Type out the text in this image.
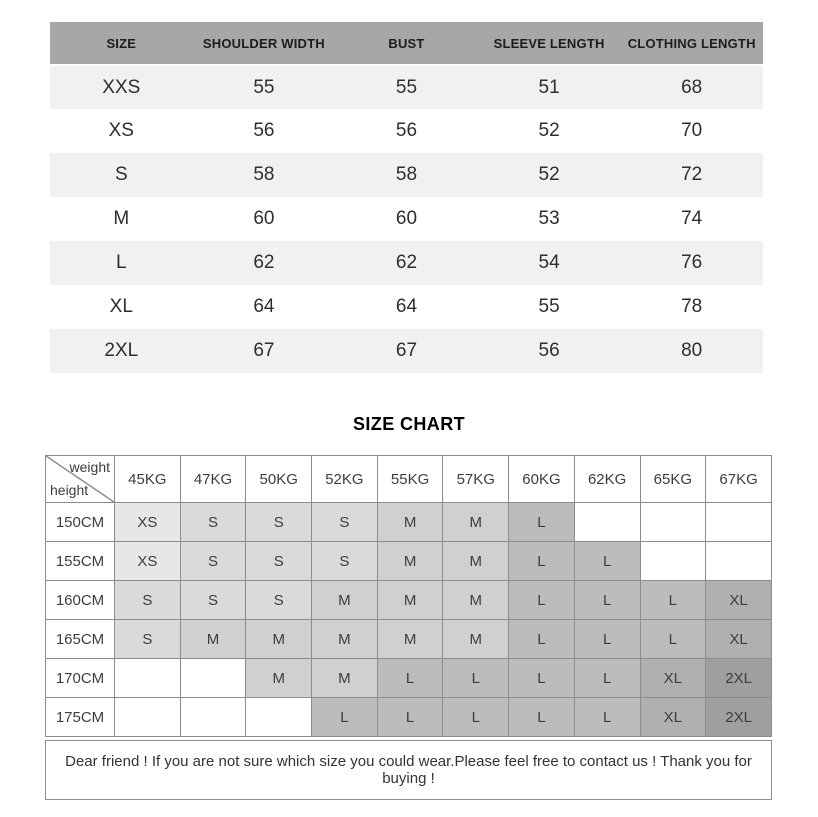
SIZE	SHOULDER WIDTH	BUST	SLEEVE LENGTH	CLOTHING LENGTH
XXS	55	55	51	68
XS	56	56	52	70
S	58	58	52	72
M	60	60	53	74
L	62	62	54	76
XL	64	64	55	78
2XL	67	67	56	80
SIZE CHART
weight
height	45KG	47KG	50KG	52KG	55KG	57KG	60KG	62KG	65KG	67KG
150CM	XS	S	S	S	M	M	L			
155CM	XS	S	S	S	M	M	L	L		
160CM	S	S	S	M	M	M	L	L	L	XL
165CM	S	M	M	M	M	M	L	L	L	XL
170CM			M	M	L	L	L	L	XL	2XL
175CM				L	L	L	L	L	XL	2XL
Dear friend ! If you are not sure which size you could wear.Please feel free to contact us ! Thank you for buying !
